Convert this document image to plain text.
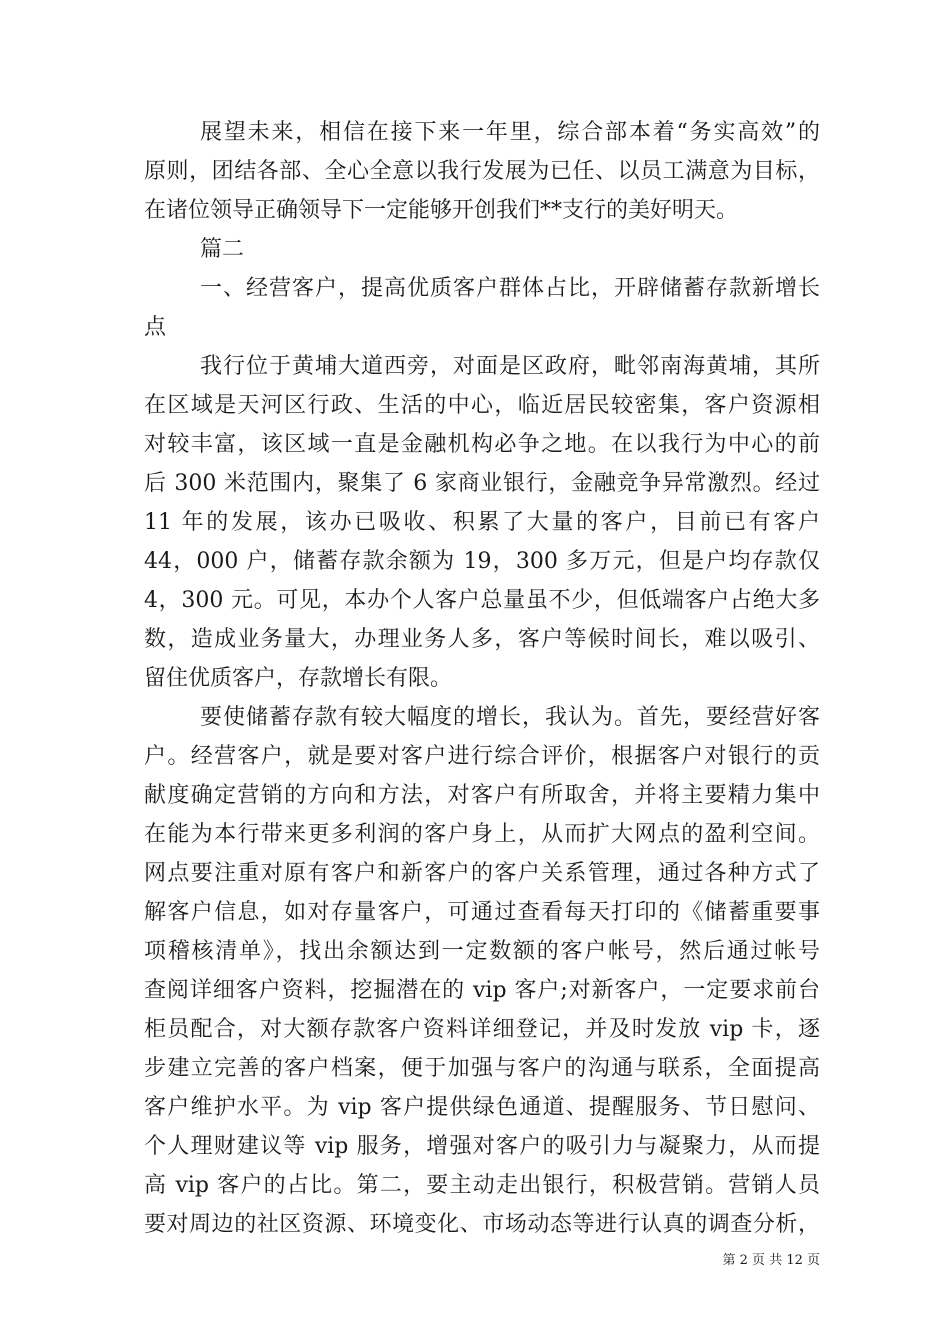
展望未来，相信在接下来一年里，综合部本着“务实高效”的
原则，团结各部、全心全意以我行发展为已任、以员工满意为目标，
在诸位领导正确领导下一定能够开创我们**支行的美好明天。
篇二
一、经营客户，提高优质客户群体占比，开辟储蓄存款新增长
点
我行位于黄埔大道西旁，对面是区政府，毗邻南海黄埔，其所
在区域是天河区行政、生活的中心，临近居民较密集，客户资源相
对较丰富，该区域一直是金融机构必争之地。在以我行为中心的前
后 300 米范围内，聚集了 6 家商业银行，金融竞争异常激烈。经过
11 年的发展，该办已吸收、积累了大量的客户，目前已有客户
44，000 户，储蓄存款余额为 19，300 多万元，但是户均存款仅
4，300 元。可见，本办个人客户总量虽不少，但低端客户占绝大多
数，造成业务量大，办理业务人多，客户等候时间长，难以吸引、
留住优质客户，存款增长有限。
要使储蓄存款有较大幅度的增长，我认为。首先，要经营好客
户。经营客户，就是要对客户进行综合评价，根据客户对银行的贡
献度确定营销的方向和方法，对客户有所取舍，并将主要精力集中
在能为本行带来更多利润的客户身上，从而扩大网点的盈利空间。
网点要注重对原有客户和新客户的客户关系管理，通过各种方式了
解客户信息，如对存量客户，可通过查看每天打印的《储蓄重要事
项稽核清单》，找出余额达到一定数额的客户帐号，然后通过帐号
查阅详细客户资料，挖掘潜在的 vip 客户;对新客户，一定要求前台
柜员配合，对大额存款客户资料详细登记，并及时发放 vip 卡，逐
步建立完善的客户档案，便于加强与客户的沟通与联系，全面提高
客户维护水平。为 vip 客户提供绿色通道、提醒服务、节日慰问、
个人理财建议等 vip 服务，增强对客户的吸引力与凝聚力，从而提
高 vip 客户的占比。第二，要主动走出银行，积极营销。营销人员
要对周边的社区资源、环境变化、市场动态等进行认真的调查分析，
第 2 页 共 12 页
